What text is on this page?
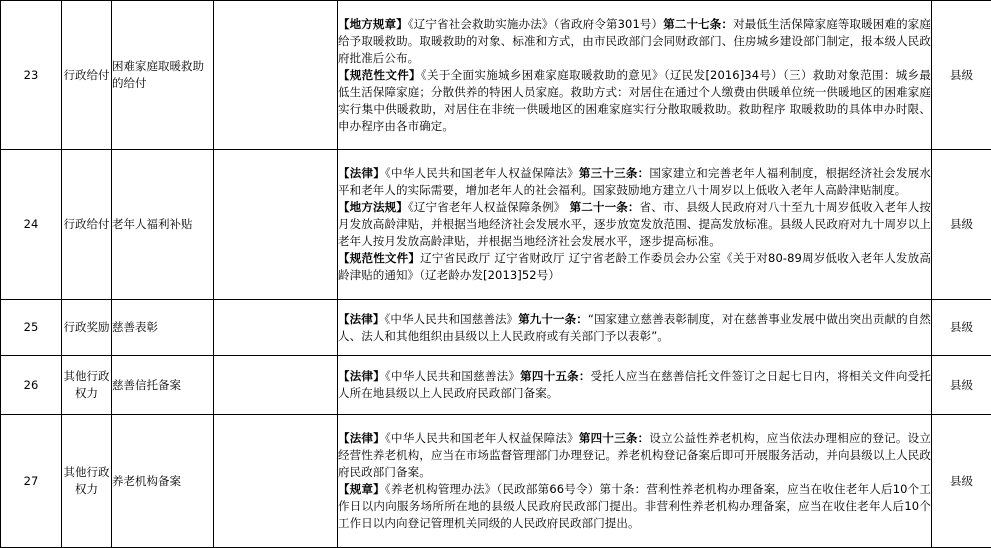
23	行政给付	困难家庭取暖救助的给付		【地方规章】《辽宁省社会救助实施办法》（省政府令第301号）第二十七条：对最低生活保障家庭等取暖困难的家庭给予取暖救助。取暖救助的对象、标准和方式，由市民政部门会同财政部门、住房城乡建设部门制定，报本级人民政府批准后公布。
【规范性文件】《关于全面实施城乡困难家庭取暖救助的意见》（辽民发[2016]34号）（三）救助对象范围：城乡最低生活保障家庭；分散供养的特困人员家庭。救助方式：对居住在通过个人缴费由供暖单位统一供暖地区的困难家庭实行集中供暖救助，对居住在非统一供暖地区的困难家庭实行分散取暖救助。救助程序 取暖救助的具体申办时限、申办程序由各市确定。	县级
24	行政给付	老年人福利补贴		【法律】《中华人民共和国老年人权益保障法》第三十三条：国家建立和完善老年人福利制度，根据经济社会发展水平和老年人的实际需要，增加老年人的社会福利。国家鼓励地方建立八十周岁以上低收入老年人高龄津贴制度。
【地方法规】《辽宁省老年人权益保障条例》 第二十一条：省、市、县级人民政府对八十至九十周岁低收入老年人按月发放高龄津贴，并根据当地经济社会发展水平，逐步放宽发放范围、提高发放标准。县级人民政府对九十周岁以上老年人按月发放高龄津贴，并根据当地经济社会发展水平，逐步提高标准。
【规范性文件】辽宁省民政厅 辽宁省财政厅 辽宁省老龄工作委员会办公室《关于对80-89周岁低收入老年人发放高龄津贴的通知》（辽老龄办发[2013]52号）	县级
25	行政奖励	慈善表彰		【法律】《中华人民共和国慈善法》第九十一条：“国家建立慈善表彰制度，对在慈善事业发展中做出突出贡献的自然人、法人和其他组织由县级以上人民政府或有关部门予以表彰”。	县级
26	其他行政权力	慈善信托备案		【法律】《中华人民共和国慈善法》第四十五条：受托人应当在慈善信托文件签订之日起七日内，将相关文件向受托人所在地县级以上人民政府民政部门备案。	县级
27	其他行政权力	养老机构备案		【法律】《中华人民共和国老年人权益保障法》第四十三条：设立公益性养老机构，应当依法办理相应的登记。设立经营性养老机构，应当在市场监督管理部门办理登记。养老机构登记备案后即可开展服务活动，并向县级以上人民政府民政部门备案。
【规章】《养老机构管理办法》（民政部第66号令）第十条：营利性养老机构办理备案，应当在收住老年人后10个工作日以内向服务场所所在地的县级人民政府民政部门提出。非营利性养老机构办理备案，应当在收住老年人后10个工作日以内向登记管理机关同级的人民政府民政部门提出。	县级
